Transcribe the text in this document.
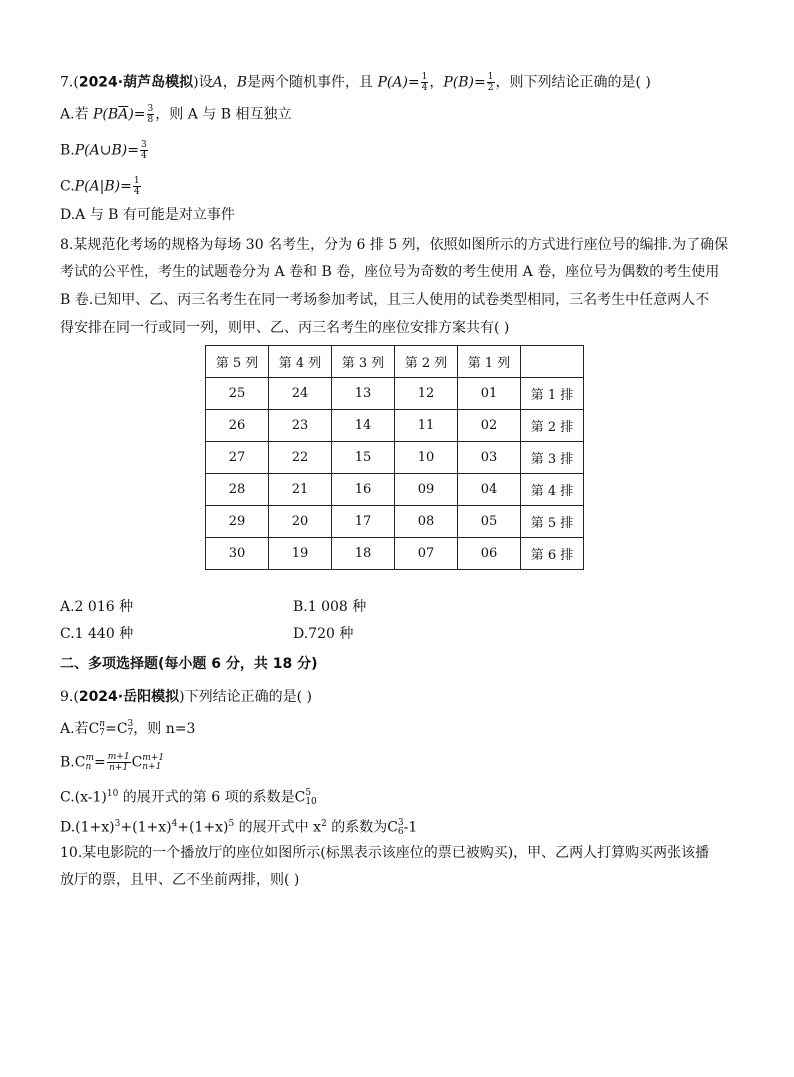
7.(2024·葫芦岛模拟)设A，B是两个随机事件，且 $P(A)= \frac{1}{4}$ ，$P(B)= \frac{1}{2}$ ，则下列结论正确的是( )
A.若 $P(B\overline{A})= \frac{3}{8}$ ，则 A 与 B 相互独立
B.P(A∪B)= $\frac{3}{4}$
$C.P(A|B)= \frac{1}{4}$
D.A 与 B 有可能是对立事件
8.某规范化考场的规格为每场 30 名考生，分为 6 排 5 列，依照如图所示的方式进行座位号的编排.为了确保
考试的公平性，考生的试题卷分为 A 卷和 B 卷，座位号为奇数的考生使用 A 卷，座位号为偶数的考生使用
B 卷.已知甲、乙、丙三名考生在同一考场参加考试，且三人使用的试卷类型相同，三名考生中任意两人不
得安排在同一行或同一列，则甲、乙、丙三名考生的座位安排方案共有( )
第 5 列	第 4 列	第 3 列	第 2 列	第 1 列	
25	24	13	12	01	第 1 排
26	23	14	11	02	第 2 排
27	22	15	10	03	第 3 排
28	21	16	09	04	第 4 排
29	20	17	08	05	第 5 排
30	19	18	07	06	第 6 排
A.2 016 种	B.1 008 种
C.1 440 种	D.720 种
二、多项选择题(每小题 6 分，共 18 分)
9.(2024·岳阳模拟)下列结论正确的是( )
A.若C n
7 =C 3
7 ，则 n=3
B.C m
$n = \frac{m+1}{n+1}$ C m+1
n+1
$C.(x-1)^{10}$ 的展开式的第 6 项的系数是C 5
10
$D.(1+x)^3+(1+x)^4+(1+x)^5$ 的展开式中 $x^2$ 的系数为C 3
6 -1
10.某电影院的一个播放厅的座位如图所示(标黑表示该座位的票已被购买)，甲、乙两人打算购买两张该播
放厅的票，且甲、乙不坐前两排，则( )
